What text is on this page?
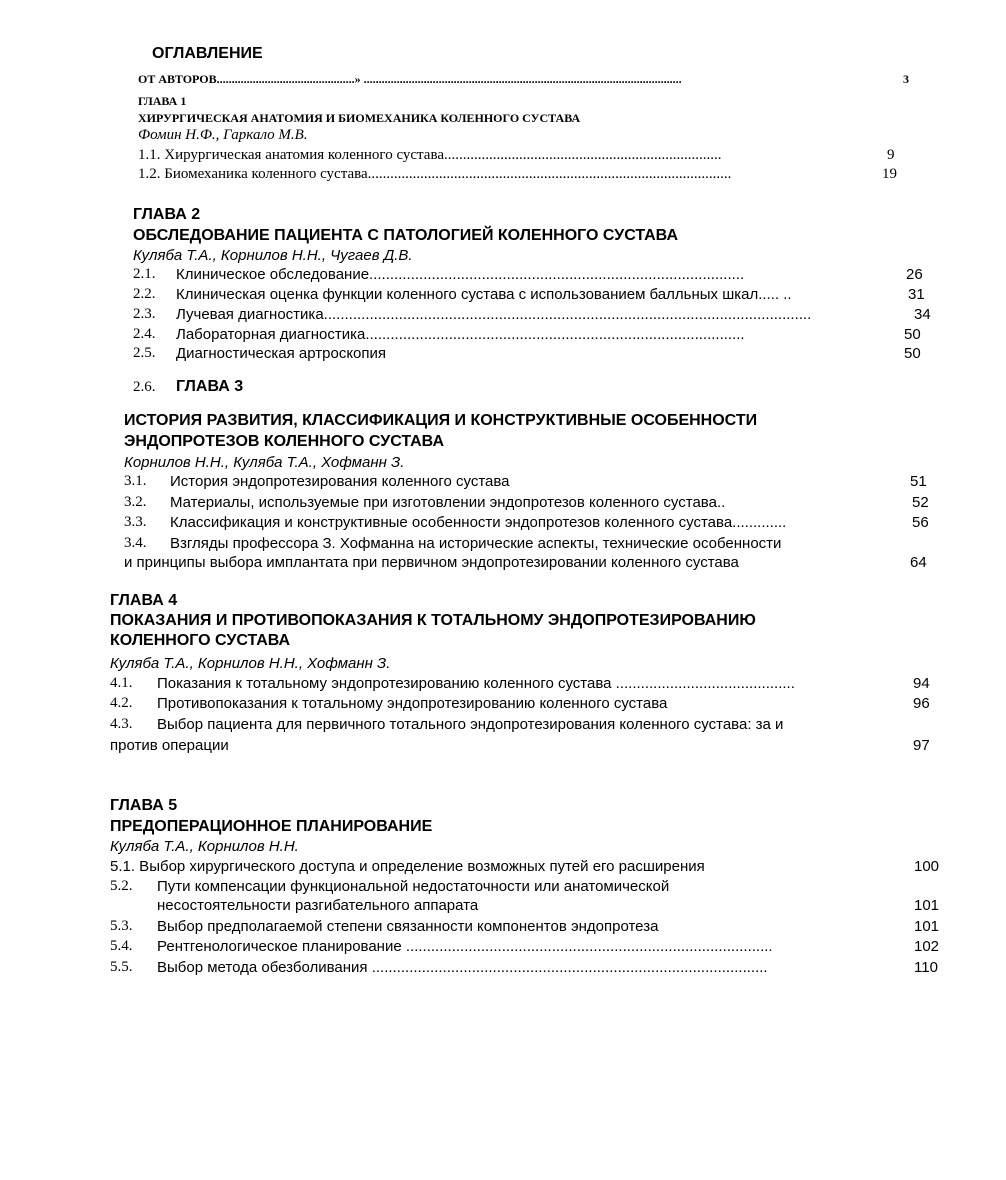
ОГЛАВЛЕНИЕ
ОТ АВТОРОВ..............................................» ..........................................................................................................	3
ГЛАВА 1
ХИРУРГИЧЕСКАЯ АНАТОМИЯ И БИОМЕХАНИКА КОЛЕННОГО СУСТАВА
Фомин Н.Ф., Гаркало М.В.
1.1. Хирургическая анатомия коленного сустава..........................................................................	9
1.2. Биомеханика коленного сустава.................................................................................................	19
ГЛАВА 2
ОБСЛЕДОВАНИЕ ПАЦИЕНТА С ПАТОЛОГИЕЙ КОЛЕННОГО СУСТАВА
Куляба Т.А., Корнилов Н.Н., Чугаев Д.В.
2.1. Клиническое обследование..........................................................................................	26
2.2. Клиническая оценка функции коленного сустава с использованием балльных шкал..... ..	31
2.3. Лучевая диагностика.....................................................................................................................	34
2.4. Лабораторная диагностика...........................................................................................	50
2.5. Диагностическая артроскопия	50
2.6. ГЛАВА 3
ИСТОРИЯ РАЗВИТИЯ, КЛАССИФИКАЦИЯ И КОНСТРУКТИВНЫЕ ОСОБЕННОСТИ
ЭНДОПРОТЕЗОВ КОЛЕННОГО СУСТАВА
Корнилов Н.Н., Куляба Т.А., Хофманн З.
3.1. История эндопротезирования коленного сустава	51
3.2. Материалы, используемые при изготовлении эндопротезов коленного сустава..	52
3.3. Классификация и конструктивные особенности эндопротезов коленного сустава.............	56
3.4. Взгляды профессора З. Хофманна на исторические аспекты, технические особенности
и принципы выбора имплантата при первичном эндопротезировании коленного сустава	64
ГЛАВА 4
ПОКАЗАНИЯ И ПРОТИВОПОКАЗАНИЯ К ТОТАЛЬНОМУ ЭНДОПРОТЕЗИРОВАНИЮ
КОЛЕННОГО СУСТАВА
Куляба Т.А., Корнилов Н.Н., Хофманн З.
4.1. Показания к тотальному эндопротезированию коленного сустава ...........................................	94
4.2. Противопоказания к тотальному эндопротезированию коленного сустава	96
4.3. Выбор пациента для первичного тотального эндопротезирования коленного сустава: за и
против операции	97
ГЛАВА 5
ПРЕДОПЕРАЦИОННОЕ ПЛАНИРОВАНИЕ
Куляба Т.А., Корнилов Н.Н.
5.1. Выбор хирургического доступа и определение возможных путей его расширения	100
5.2. Пути компенсации функциональной недостаточности или анатомической
несостоятельности разгибательного аппарата	101
5.3. Выбор предполагаемой степени связанности компонентов эндопротеза	101
5.4. Рентгенологическое планирование ........................................................................................	102
5.5. Выбор метода обезболивания ...............................................................................................	110
